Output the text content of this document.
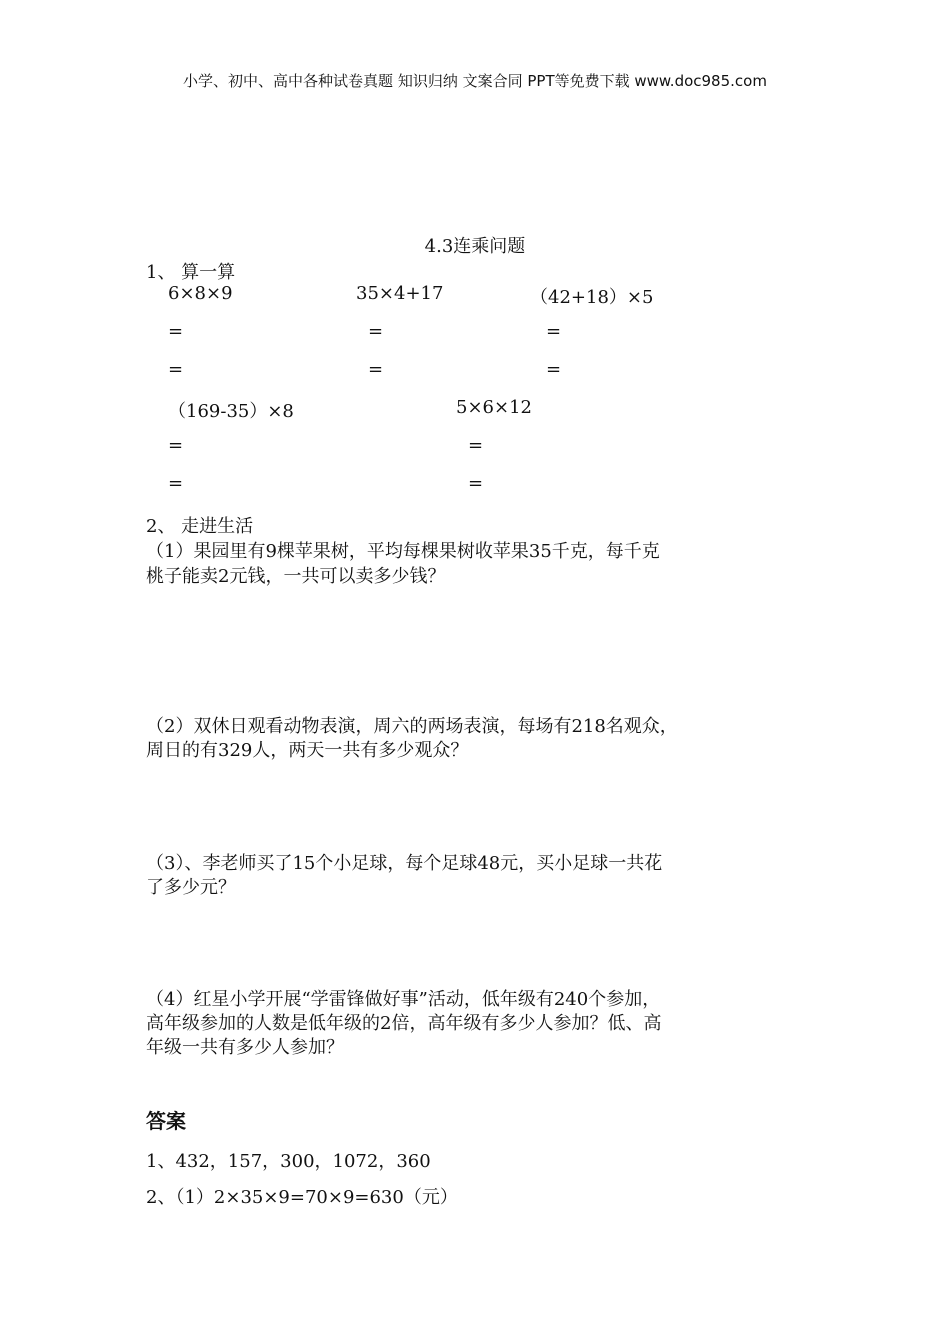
小学、初中、高中各种试卷真题 知识归纳 文案合同 PPT等免费下载 www.doc985.com
4.3连乘问题
1、 算一算
6×8×9	35×4+17	（42+18）×5
=	=	=
=	=	=
（169-35）×8	5×6×12
=	=
=	=
2、 走进生活
（1）果园里有9棵苹果树，平均每棵果树收苹果35千克，每千克
桃子能卖2元钱，一共可以卖多少钱？
（2）双休日观看动物表演，周六的两场表演，每场有218名观众，
周日的有329人，两天一共有多少观众？
（3）、李老师买了15个小足球，每个足球48元，买小足球一共花
了多少元？
（4）红星小学开展“学雷锋做好事”活动，低年级有240个参加，
高年级参加的人数是低年级的2倍，高年级有多少人参加？低、高
年级一共有多少人参加？
答案
1、432，157，300，1072，360
2、（1）2×35×9=70×9=630（元）
